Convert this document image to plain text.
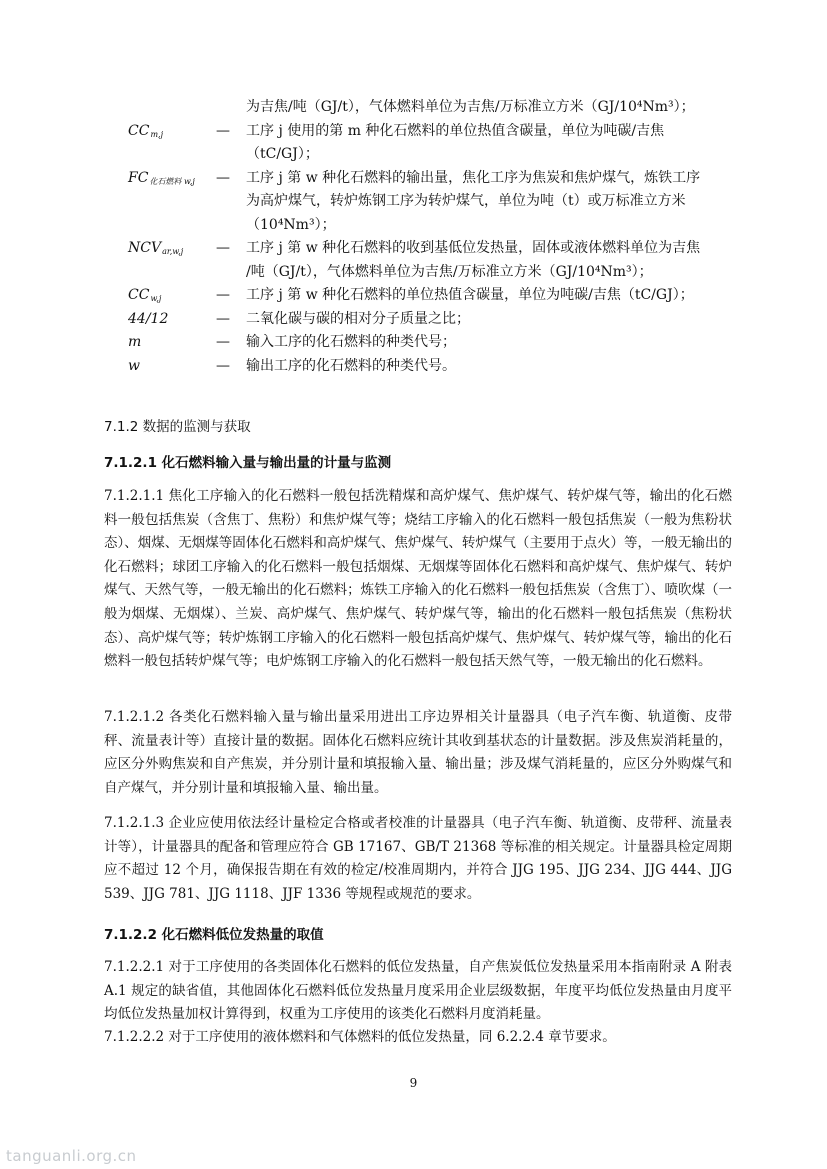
为吉焦/吨（GJ/t），气体燃料单位为吉焦/万标准立方米（GJ/10⁴Nm³）；
$CC_{m,j}$	— 工序 j 使用的第 m 种化石燃料的单位热值含碳量，单位为吨碳/吉焦
（tC/GJ）；
$FC_{化石燃料 w,j}$ — 工序 j 第 w 种化石燃料的输出量，焦化工序为焦炭和焦炉煤气，炼铁工序
为高炉煤气，转炉炼钢工序为转炉煤气，单位为吨（t）或万标准立方米
（10⁴Nm³）；
$NCV_{ar,w,j}$ — 工序 j 第 w 种化石燃料的收到基低位发热量，固体或液体燃料单位为吉焦
/吨（GJ/t），气体燃料单位为吉焦/万标准立方米（GJ/10⁴Nm³）；
$CC_{w,j}$	— 工序 j 第 w 种化石燃料的单位热值含碳量，单位为吨碳/吉焦（tC/GJ）；
44/12	— 二氧化碳与碳的相对分子质量之比；
m	— 输入工序的化石燃料的种类代号；
w	— 输出工序的化石燃料的种类代号。
7.1.2 数据的监测与获取
7.1.2.1 化石燃料输入量与输出量的计量与监测
7.1.2.1.1 焦化工序输入的化石燃料一般包括洗精煤和高炉煤气、焦炉煤气、转炉煤气等，输出的化石燃料一般包括焦炭（含焦丁、焦粉）和焦炉煤气等；烧结工序输入的化石燃料一般包括焦炭（一般为焦粉状态）、烟煤、无烟煤等固体化石燃料和高炉煤气、焦炉煤气、转炉煤气（主要用于点火）等，一般无输出的化石燃料；球团工序输入的化石燃料一般包括烟煤、无烟煤等固体化石燃料和高炉煤气、焦炉煤气、转炉煤气、天然气等，一般无输出的化石燃料；炼铁工序输入的化石燃料一般包括焦炭（含焦丁）、喷吹煤（一般为烟煤、无烟煤）、兰炭、高炉煤气、焦炉煤气、转炉煤气等，输出的化石燃料一般包括焦炭（焦粉状态）、高炉煤气等；转炉炼钢工序输入的化石燃料一般包括高炉煤气、焦炉煤气、转炉煤气等，输出的化石燃料一般包括转炉煤气等；电炉炼钢工序输入的化石燃料一般包括天然气等，一般无输出的化石燃料。
7.1.2.1.2 各类化石燃料输入量与输出量采用进出工序边界相关计量器具（电子汽车衡、轨道衡、皮带秤、流量表计等）直接计量的数据。固体化石燃料应统计其收到基状态的计量数据。涉及焦炭消耗量的，应区分外购焦炭和自产焦炭，并分别计量和填报输入量、输出量；涉及煤气消耗量的，应区分外购煤气和自产煤气，并分别计量和填报输入量、输出量。
7.1.2.1.3 企业应使用依法经计量检定合格或者校准的计量器具（电子汽车衡、轨道衡、皮带秤、流量表计等），计量器具的配备和管理应符合 GB 17167、GB/T 21368 等标准的相关规定。计量器具检定周期应不超过 12 个月，确保报告期在有效的检定/校准周期内，并符合 JJG 195、JJG 234、JJG 444、JJG 539、JJG 781、JJG 1118、JJF 1336 等规程或规范的要求。
7.1.2.2 化石燃料低位发热量的取值
7.1.2.2.1 对于工序使用的各类固体化石燃料的低位发热量，自产焦炭低位发热量采用本指南附录 A 附表 A.1 规定的缺省值，其他固体化石燃料低位发热量月度采用企业层级数据，年度平均低位发热量由月度平均低位发热量加权计算得到，权重为工序使用的该类化石燃料月度消耗量。
7.1.2.2.2 对于工序使用的液体燃料和气体燃料的低位发热量，同 6.2.2.4 章节要求。
9
tanguanli.org.cn
